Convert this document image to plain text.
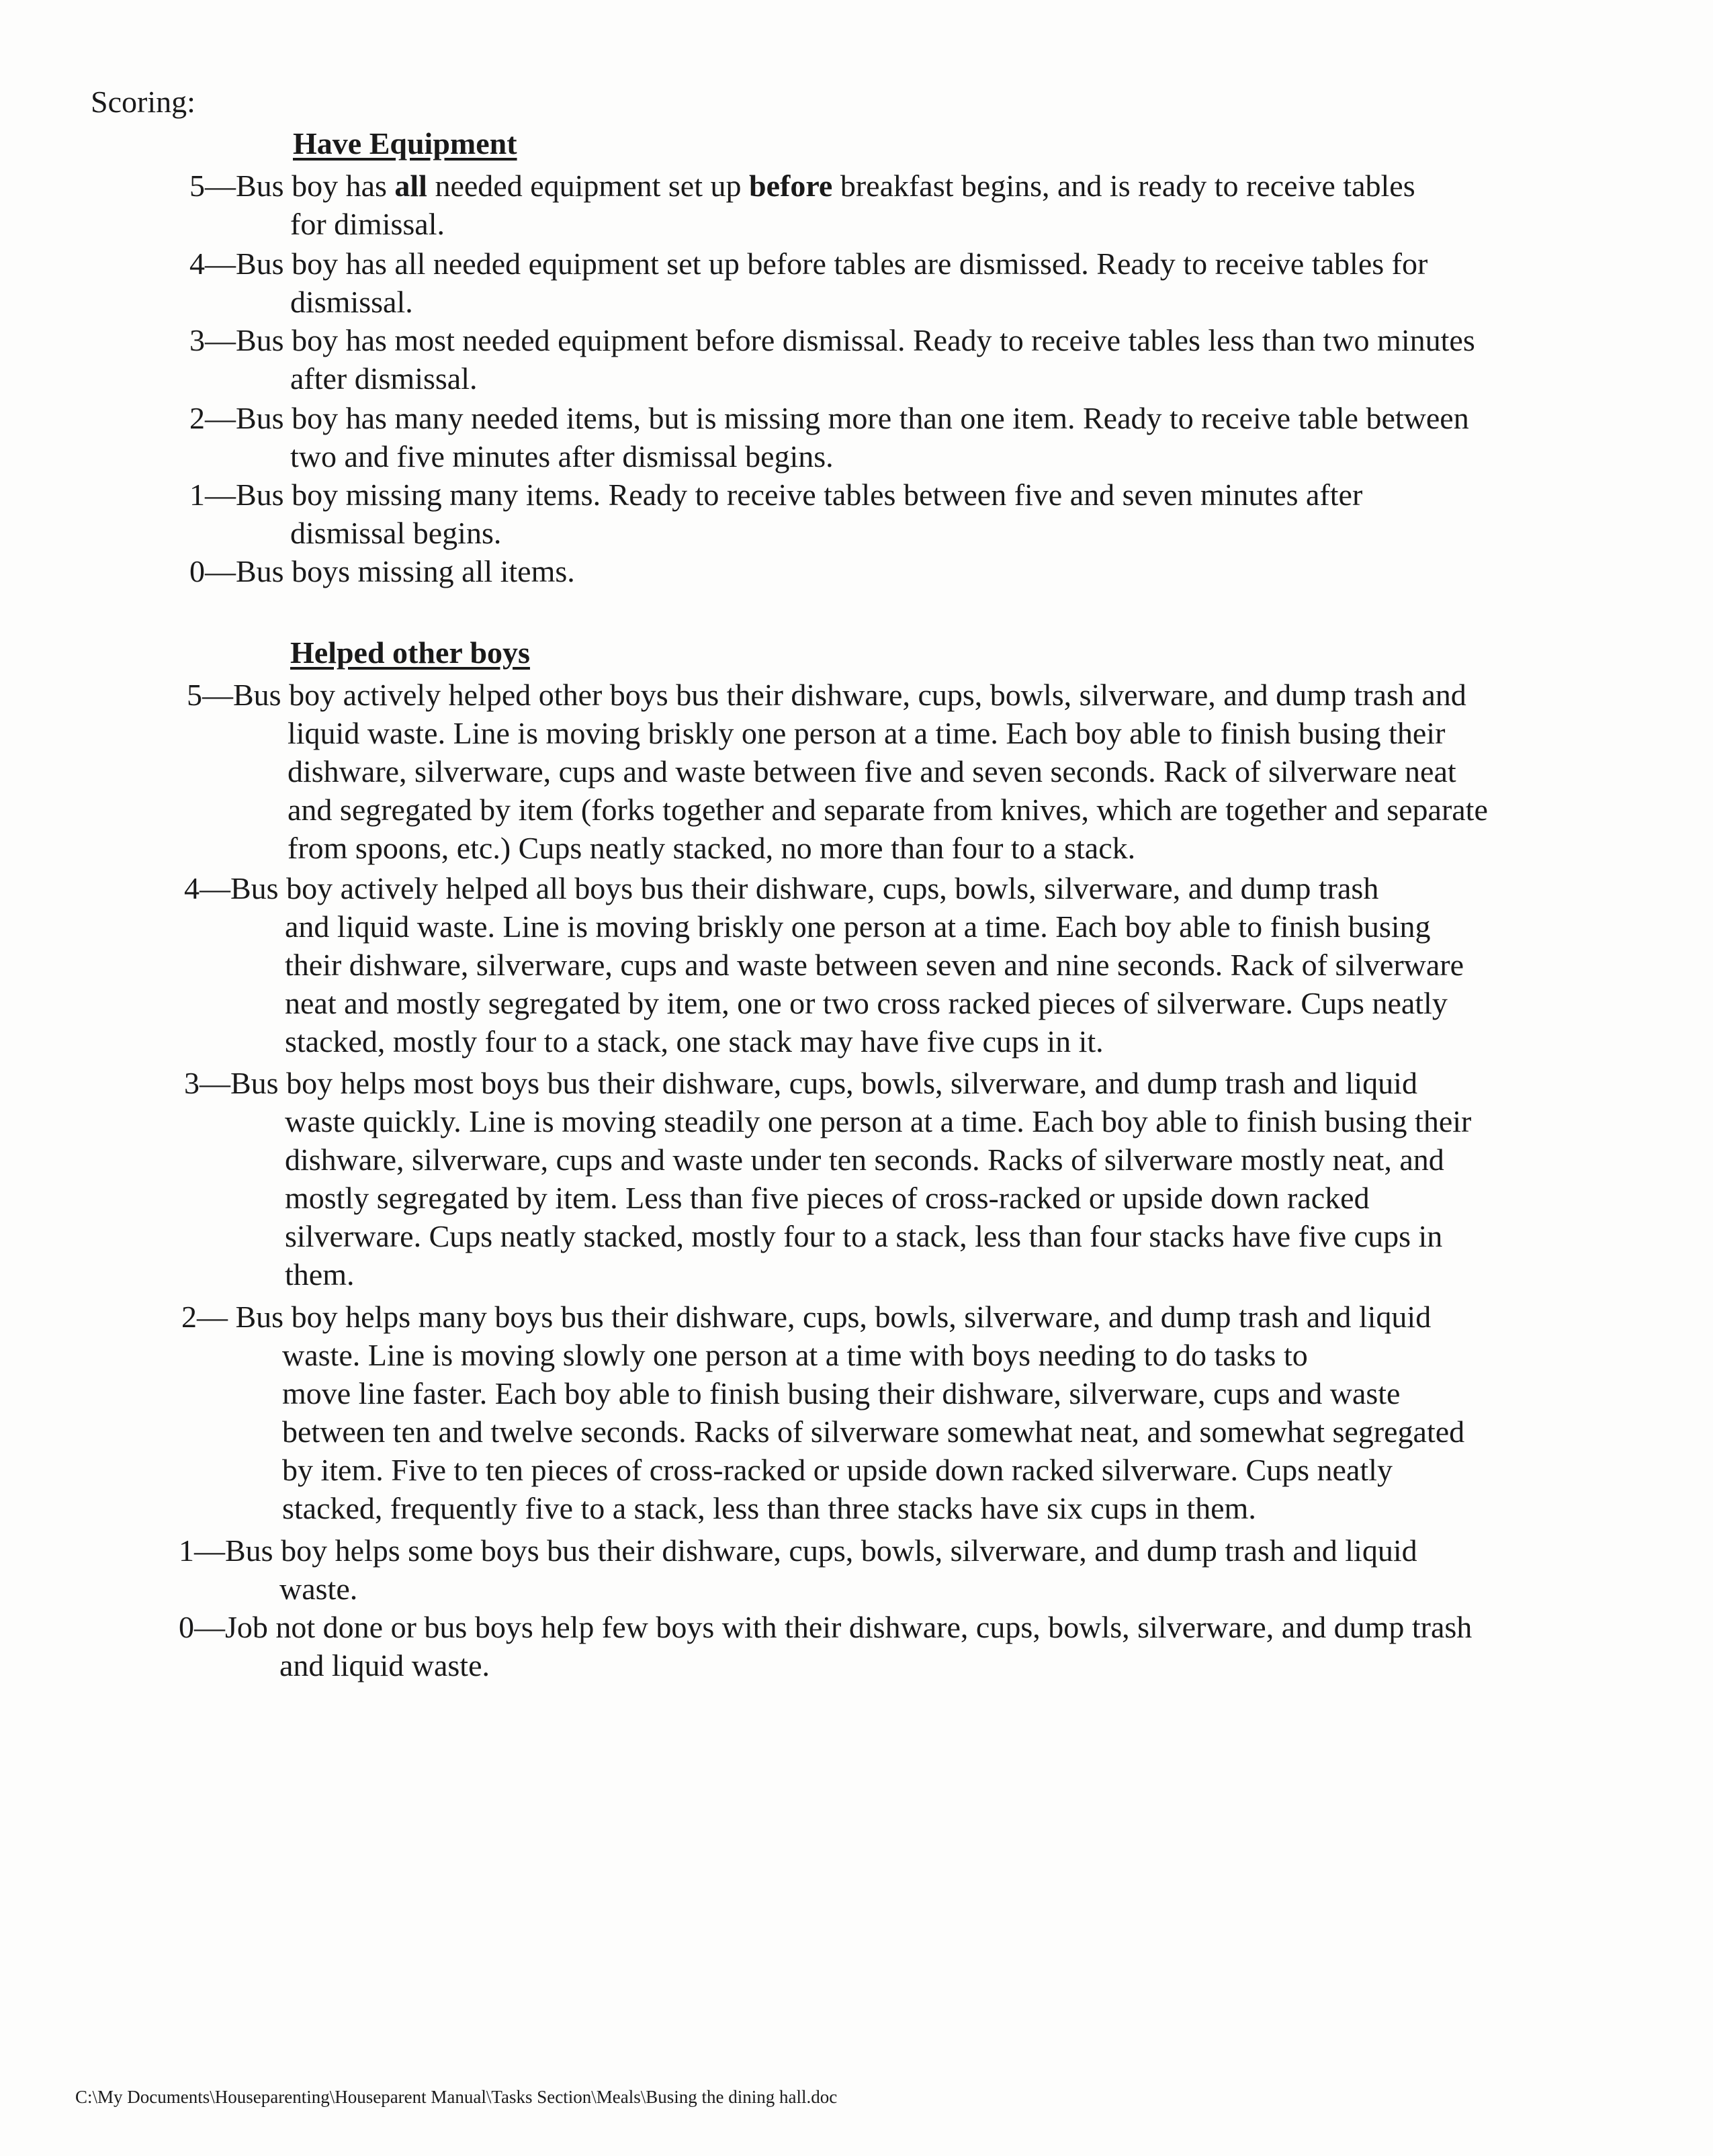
Scoring:
Have Equipment
5—Bus boy has all needed equipment set up before breakfast begins, and is ready to receive tables
for dimissal.
4—Bus boy has all needed equipment set up before tables are dismissed. Ready to receive tables for
dismissal.
3—Bus boy has most needed equipment before dismissal. Ready to receive tables less than two minutes
after dismissal.
2—Bus boy has many needed items, but is missing more than one item. Ready to receive table between
two and five minutes after dismissal begins.
1—Bus boy missing many items. Ready to receive tables between five and seven minutes after
dismissal begins.
0—Bus boys missing all items.
Helped other boys
5—Bus boy actively helped other boys bus their dishware, cups, bowls, silverware, and dump trash and
liquid waste. Line is moving briskly one person at a time. Each boy able to finish busing their
dishware, silverware, cups and waste between five and seven seconds. Rack of silverware neat
and segregated by item (forks together and separate from knives, which are together and separate
from spoons, etc.) Cups neatly stacked, no more than four to a stack.
4—Bus boy actively helped all boys bus their dishware, cups, bowls, silverware, and dump trash
and liquid waste. Line is moving briskly one person at a time. Each boy able to finish busing
their dishware, silverware, cups and waste between seven and nine seconds. Rack of silverware
neat and mostly segregated by item, one or two cross racked pieces of silverware. Cups neatly
stacked, mostly four to a stack, one stack may have five cups in it.
3—Bus boy helps most boys bus their dishware, cups, bowls, silverware, and dump trash and liquid
waste quickly. Line is moving steadily one person at a time. Each boy able to finish busing their
dishware, silverware, cups and waste under ten seconds. Racks of silverware mostly neat, and
mostly segregated by item. Less than five pieces of cross-racked or upside down racked
silverware. Cups neatly stacked, mostly four to a stack, less than four stacks have five cups in
them.
2— Bus boy helps many boys bus their dishware, cups, bowls, silverware, and dump trash and liquid
waste. Line is moving slowly one person at a time with boys needing to do tasks to
move line faster. Each boy able to finish busing their dishware, silverware, cups and waste
between ten and twelve seconds. Racks of silverware somewhat neat, and somewhat segregated
by item. Five to ten pieces of cross-racked or upside down racked silverware. Cups neatly
stacked, frequently five to a stack, less than three stacks have six cups in them.
1—Bus boy helps some boys bus their dishware, cups, bowls, silverware, and dump trash and liquid
waste.
0—Job not done or bus boys help few boys with their dishware, cups, bowls, silverware, and dump trash
and liquid waste.
C:\My Documents\Houseparenting\Houseparent Manual\Tasks Section\Meals\Busing the dining hall.doc
